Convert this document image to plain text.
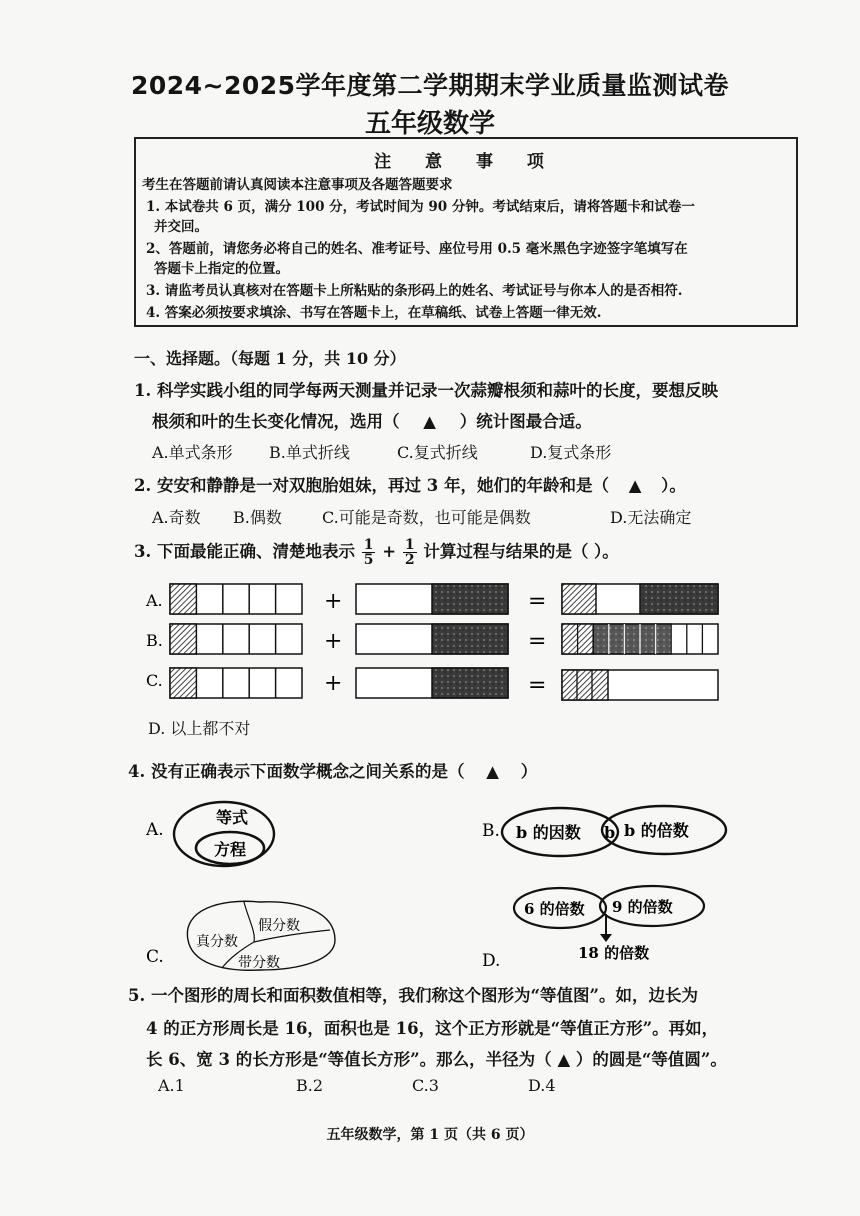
2024~2025学年度第二学期期末学业质量监测试卷
五年级数学
注 意 事 项
考生在答题前请认真阅读本注意事项及各题答题要求
1. 本试卷共 6 页，满分 100 分，考试时间为 90 分钟。考试结束后，请将答题卡和试卷一
并交回。
2、答题前，请您务必将自己的姓名、准考证号、座位号用 0.5 毫米黑色字迹签字笔填写在
答题卡上指定的位置。
3. 请监考员认真核对在答题卡上所粘贴的条形码上的姓名、考试证号与你本人的是否相符.
4. 答案必须按要求填涂、书写在答题卡上，在草稿纸、试卷上答题一律无效.
一、选择题。（每题 1 分，共 10 分）
1. 科学实践小组的同学每两天测量并记录一次蒜瓣根须和蒜叶的长度，要想反映
根须和叶的生长变化情况，选用（ ▲ ）统计图最合适。
A.单式条形 B.单式折线	C.复式折线	D.复式条形
2. 安安和静静是一对双胞胎姐妹，再过 3 年，她们的年龄和是（ ▲ ）。
A.奇数 B.偶数	C.可能是奇数，也可能是偶数	D.无法确定
3. 下面最能正确、清楚地表示 $\frac{1}{5} + \frac{1}{2}$ 计算过程与结果的是（ ）。
A.	+	=
B.	+	=
C.	+	=
D. 以上都不对
4. 没有正确表示下面数学概念之间关系的是（ ▲ ）
A.
等式
方程
B. b 的因数 b b 的倍数
C.
假分数
真分数
带分数	D.
6 的倍数 9 的倍数
18 的倍数
5. 一个图形的周长和面积数值相等，我们称这个图形为“等值图”。如，边长为
4 的正方形周长是 16，面积也是 16，这个正方形就是“等值正方形”。再如，
长 6、宽 3 的长方形是“等值长方形”。那么，半径为（ ▲ ）的圆是“等值圆”。
A.1	B.2	C.3	D.4
五年级数学，第 1 页（共 6 页）
